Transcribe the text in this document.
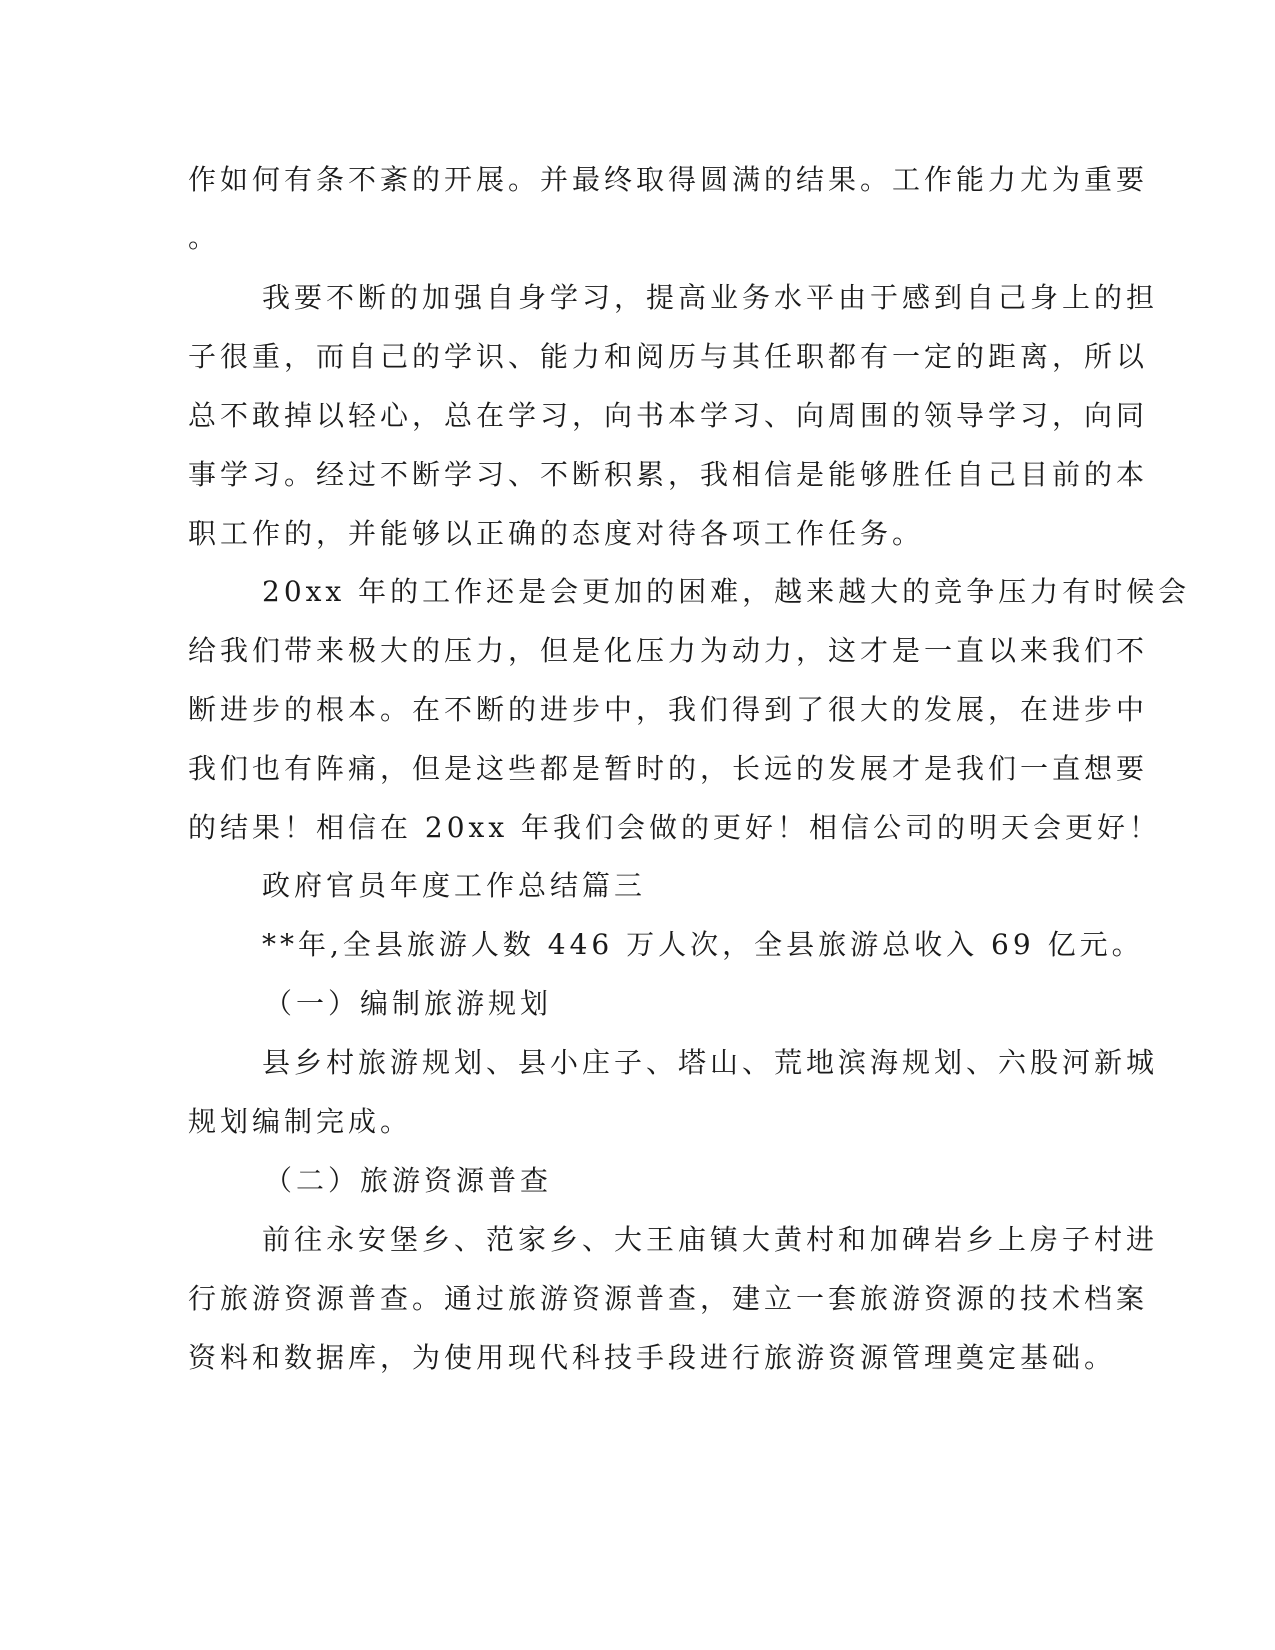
作如何有条不紊的开展。并最终取得圆满的结果。工作能力尤为重要
。
我要不断的加强自身学习，提高业务水平由于感到自己身上的担
子很重，而自己的学识、能力和阅历与其任职都有一定的距离，所以
总不敢掉以轻心，总在学习，向书本学习、向周围的领导学习，向同
事学习。经过不断学习、不断积累，我相信是能够胜任自己目前的本
职工作的，并能够以正确的态度对待各项工作任务。
20xx 年的工作还是会更加的困难，越来越大的竞争压力有时候会
给我们带来极大的压力，但是化压力为动力，这才是一直以来我们不
断进步的根本。在不断的进步中，我们得到了很大的发展，在进步中
我们也有阵痛，但是这些都是暂时的，长远的发展才是我们一直想要
的结果！相信在 20xx 年我们会做的更好！相信公司的明天会更好！
政府官员年度工作总结篇三
**年,全县旅游人数 446 万人次，全县旅游总收入 69 亿元。
（一）编制旅游规划
县乡村旅游规划、县小庄子、塔山、荒地滨海规划、六股河新城
规划编制完成。
（二）旅游资源普查
前往永安堡乡、范家乡、大王庙镇大黄村和加碑岩乡上房子村进
行旅游资源普查。通过旅游资源普查，建立一套旅游资源的技术档案
资料和数据库，为使用现代科技手段进行旅游资源管理奠定基础。
